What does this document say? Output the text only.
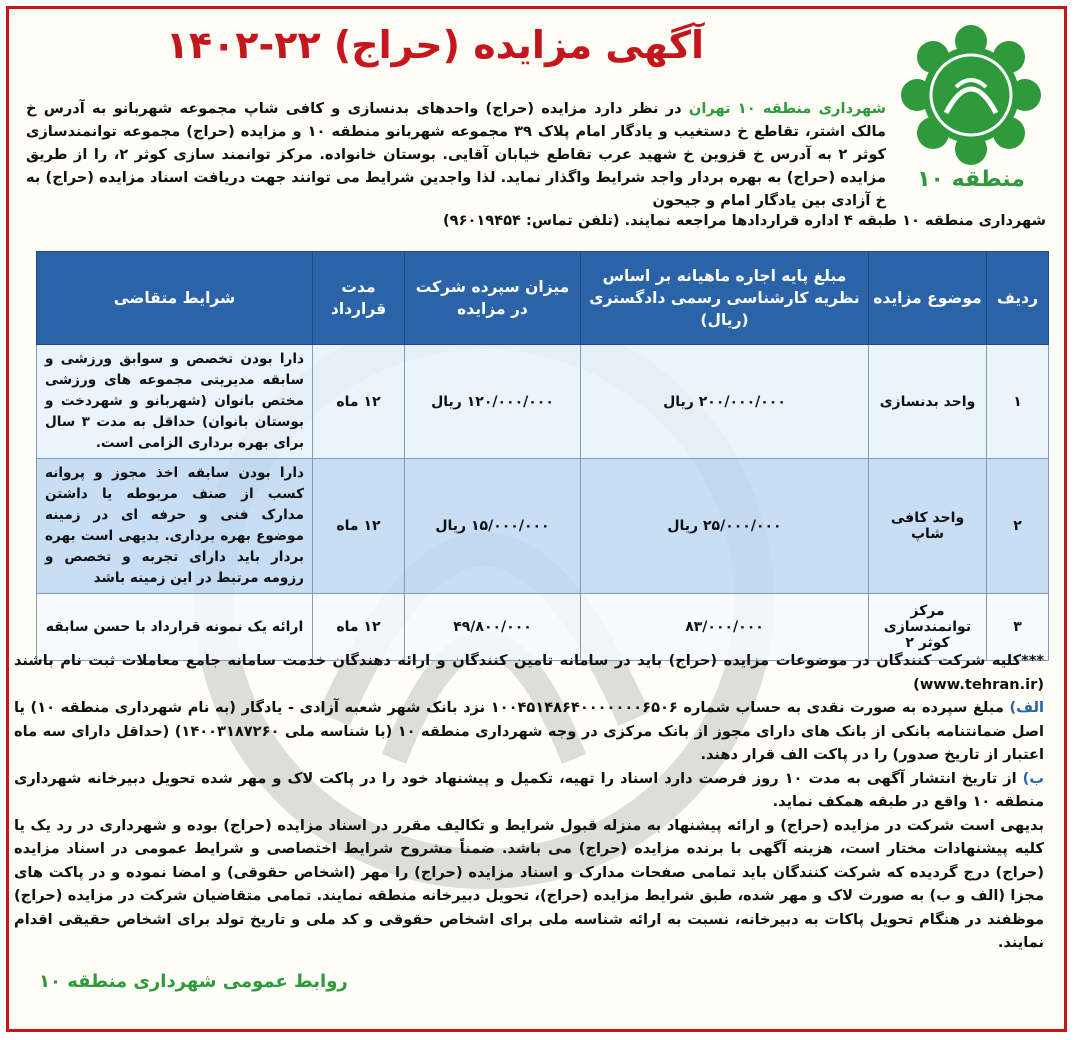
منطقه ۱۰
آگهی مزایده (حراج) ۲۲-۱۴۰۲
شهرداری منطقه ۱۰ تهران در نظر دارد مزایده (حراج) واحدهای بدنسازی و کافی شاپ مجموعه شهربانو به آدرس خ مالک اشتر، تقاطع خ دستغیب و یادگار امام پلاک ۳۹ مجموعه شهربانو منطقه ۱۰ و مزایده (حراج) مجموعه توانمندسازی کوثر ۲ به آدرس خ قزوین خ شهید عرب تقاطع خیابان آقایی. بوستان خانواده. مرکز توانمند سازی کوثر ۲، را از طریق مزایده (حراج) به بهره بردار واجد شرایط واگذار نماید. لذا واجدین شرایط می توانند جهت دریافت اسناد مزایده (حراج) به خ آزادی بین یادگار امام و جیحون
شهرداری منطقه ۱۰ طبقه ۴ اداره قراردادها مراجعه نمایند. (تلفن تماس: ۹۶۰۱۹۴۵۴)
ردیف	موضوع مزایده	مبلغ پایه اجاره ماهیانه بر اساس نظریه کارشناسی رسمی دادگستری (ریال)	میزان سپرده شرکت در مزایده	مدت قرارداد	شرایط متقاضی
۱	واحد بدنسازی	۲۰۰/۰۰۰/۰۰۰ ریال	۱۲۰/۰۰۰/۰۰۰ ریال	۱۲ ماه	دارا بودن تخصص و سوابق ورزشی و سابقه مدیریتی مجموعه های ورزشی مختص بانوان (شهربانو و شهردخت و بوستان بانوان) حداقل به مدت ۳ سال برای بهره برداری الزامی است.
۲	واحد کافی شاپ	۲۵/۰۰۰/۰۰۰ ریال	۱۵/۰۰۰/۰۰۰ ریال	۱۲ ماه	دارا بودن سابقه اخذ مجوز و پروانه کسب از صنف مربوطه یا داشتن مدارک فنی و حرفه ای در زمینه موضوع بهره برداری. بدیهی است بهره بردار باید دارای تجربه و تخصص و رزومه مرتبط در این زمینه باشد
۳	مرکز توانمندسازی کوثر ۲	۸۳/۰۰۰/۰۰۰	۴۹/۸۰۰/۰۰۰	۱۲ ماه	ارائه یک نمونه قرارداد با حسن سابقه

***کلیه شرکت کنندگان در موضوعات مزایده (حراج) باید در سامانه تامین کنندگان و ارائه دهندگان خدمت سامانه جامع معاملات ثبت نام باشند (www.tehran.ir)

الف) مبلغ سپرده به صورت نقدی به حساب شماره ۱۰۰۴۵۱۴۸۶۴۰۰۰۰۰۰۰۶۵۰۶ نزد بانک شهر شعبه آزادی - یادگار (به نام شهرداری منطقه ۱۰) یا اصل ضمانتنامه بانکی از بانک های دارای مجوز از بانک مرکزی در وجه شهرداری منطقه ۱۰ (با شناسه ملی ۱۴۰۰۳۱۸۷۲۶۰) (حداقل دارای سه ماه اعتبار از تاریخ صدور) را در پاکت الف قرار دهند.

ب) از تاریخ انتشار آگهی به مدت ۱۰ روز فرصت دارد اسناد را تهیه، تکمیل و پیشنهاد خود را در پاکت لاک و مهر شده تحویل دبیرخانه شهرداری منطقه ۱۰ واقع در طبقه همکف نماید.

بدیهی است شرکت در مزایده (حراج) و ارائه پیشنهاد به منزله قبول شرایط و تکالیف مقرر در اسناد مزایده (حراج) بوده و شهرداری در رد یک یا کلیه پیشنهادات مختار است، هزینه آگهی با برنده مزایده (حراج) می باشد. ضمناً مشروح شرایط اختصاصی و شرایط عمومی در اسناد مزایده (حراج) درج گردیده که شرکت کنندگان باید تمامی صفحات مدارک و اسناد مزایده (حراج) را مهر (اشخاص حقوقی) و امضا نموده و در پاکت های مجزا (الف و ب) به صورت لاک و مهر شده، طبق شرایط مزایده (حراج)، تحویل دبیرخانه منطقه نمایند. تمامی متقاضیان شرکت در مزایده (حراج) موظفند در هنگام تحویل پاکات به دبیرخانه، نسبت به ارائه شناسه ملی برای اشخاص حقوقی و کد ملی و تاریخ تولد برای اشخاص حقیقی اقدام نمایند.

روابط عمومی شهرداری منطقه ۱۰
